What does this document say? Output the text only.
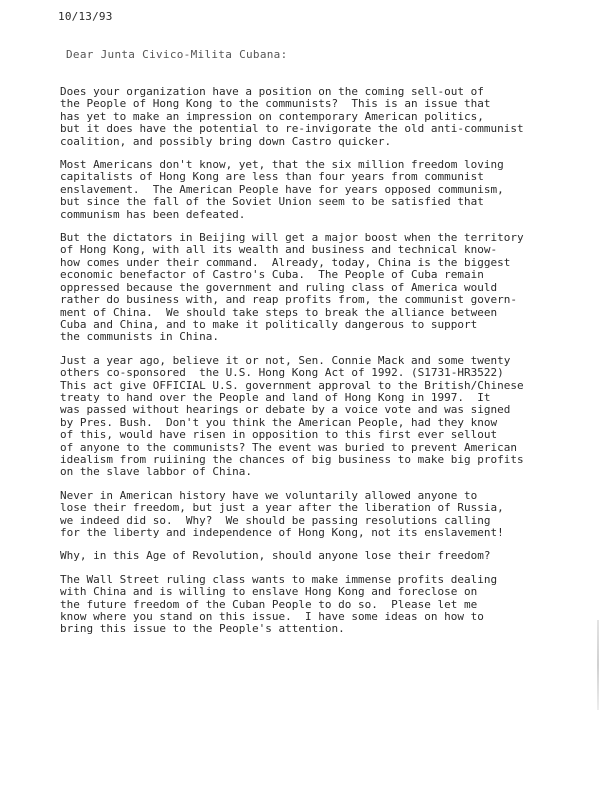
10/13/93
Dear Junta Civico-Milita Cubana:

Does your organization have a position on the coming sell-out of
the People of Hong Kong to the communists?  This is an issue that
has yet to make an impression on contemporary American politics,
but it does have the potential to re-invigorate the old anti-communist
coalition, and possibly bring down Castro quicker.

Most Americans don't know, yet, that the six million freedom loving
capitalists of Hong Kong are less than four years from communist
enslavement.  The American People have for years opposed communism,
but since the fall of the Soviet Union seem to be satisfied that
communism has been defeated.

But the dictators in Beijing will get a major boost when the territory
of Hong Kong, with all its wealth and business and technical know-
how comes under their command.  Already, today, China is the biggest
economic benefactor of Castro's Cuba.  The People of Cuba remain
oppressed because the government and ruling class of America would
rather do business with, and reap profits from, the communist govern-
ment of China.  We should take steps to break the alliance between
Cuba and China, and to make it politically dangerous to support
the communists in China.

Just a year ago, believe it or not, Sen. Connie Mack and some twenty
others co-sponsored  the U.S. Hong Kong Act of 1992. (S1731-HR3522)
This act give OFFICIAL U.S. government approval to the British/Chinese
treaty to hand over the People and land of Hong Kong in 1997.  It
was passed without hearings or debate by a voice vote and was signed
by Pres. Bush.  Don't you think the American People, had they know
of this, would have risen in opposition to this first ever sellout
of anyone to the communists? The event was buried to prevent American
idealism from ruiining the chances of big business to make big profits
on the slave labbor of China.

Never in American history have we voluntarily allowed anyone to
lose their freedom, but just a year after the liberation of Russia,
we indeed did so.  Why?  We should be passing resolutions calling
for the liberty and independence of Hong Kong, not its enslavement!

Why, in this Age of Revolution, should anyone lose their freedom?

The Wall Street ruling class wants to make immense profits dealing
with China and is willing to enslave Hong Kong and foreclose on
the future freedom of the Cuban People to do so.  Please let me
know where you stand on this issue.  I have some ideas on how to
bring this issue to the People's attention.
